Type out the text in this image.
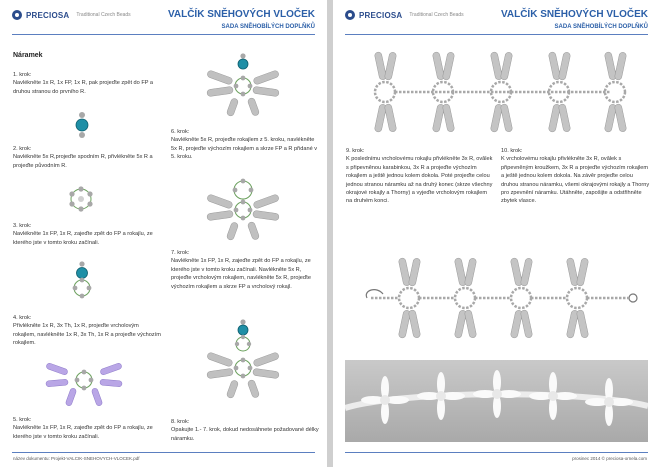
PRECIOSA Traditional Czech Beads	VALČÍK SNĚHOVÝCH VLOČEK
SADA SNĚHOBÍLÝCH DOPLŇKŮ
Náramek
1. krok:
Navlékněte 1x R, 1x FP, 1x R, pak projeďte zpět do FP a druhou stranou do prvního R.
2. krok:
Navlékněte 5x R,projeďte spodním R, přivlékněte 5x R a projeďte původním R.
3. krok:
Navlékněte 1x FP, 1x R, zajeďte zpět do FP a rokajlu, ze kterého jste v tomto kroku začínali.
4. krok:
Přivlékněte 1x R, 3x Th, 1x R, projeďte vrcholovým rokajlem, navlékněte 1x R, 3x Th, 1x R a projeďte výchozím rokajlem.
5. krok:
Navlékněte 1x FP, 1x R, zajeďte zpět do FP a rokajlu, ze kterého jste v tomto kroku začínali.
6. krok:
Navlékněte 5x R, projeďte rokajlem z 5. kroku, navlékněte 5x R, projeďte výchozím rokajlem a skrze FP a R přidané v 5. kroku.
7. krok:
Navlékněte 1x FP, 1x R, zajeďte zpět do FP a rokajlu, ze kterého jste v tomto kroku začínali. Navlékněte 5x R, projeďte vrcholovým rokajlem, navlékněte 5x R, projeďte výchozím rokajlem a skrze FP a vrcholový rokajl.
8. krok:
Opakujte 1.- 7. krok, dokud nedosáhnete požadované délky náramku.
název dokumentu: Projekt-VALCIK-SNEHOVYCH-VLOCEK.pdf
PRECIOSA Traditional Czech Beads	VALČÍK SNĚHOVÝCH VLOČEK
SADA SNĚHOBÍLÝCH DOPLŇKŮ
9. krok:
K poslednímu vrcholovému rokajlu přivlékněte 3x R, ovălek s připevněnou karabinkou, 3x R a projeďte výchozím rokajlem a ještě jednou kolem dokola. Poté projeďte celou jednou stranou náramku až na druhý konec (skrze všechny okrajové rokajly a Thorny) a vyjeďte vrcholovým rokajlem na druhém konci.
10. krok:
K vrcholovému rokajlu přivlékněte 3x R, ovălek s připevněným kroužkem, 3x R a projeďte výchozím rokajlem a ještě jednou kolem dokola. Na závěr projeďte celou druhou stranou náramku, všemi okrajovými rokajly a Thorny pro zpevnění náramku. Utáhněte, zapošijte a odstřihněte zbytek vlasce.
prosinec 2014 © preciosa-ornela.com
